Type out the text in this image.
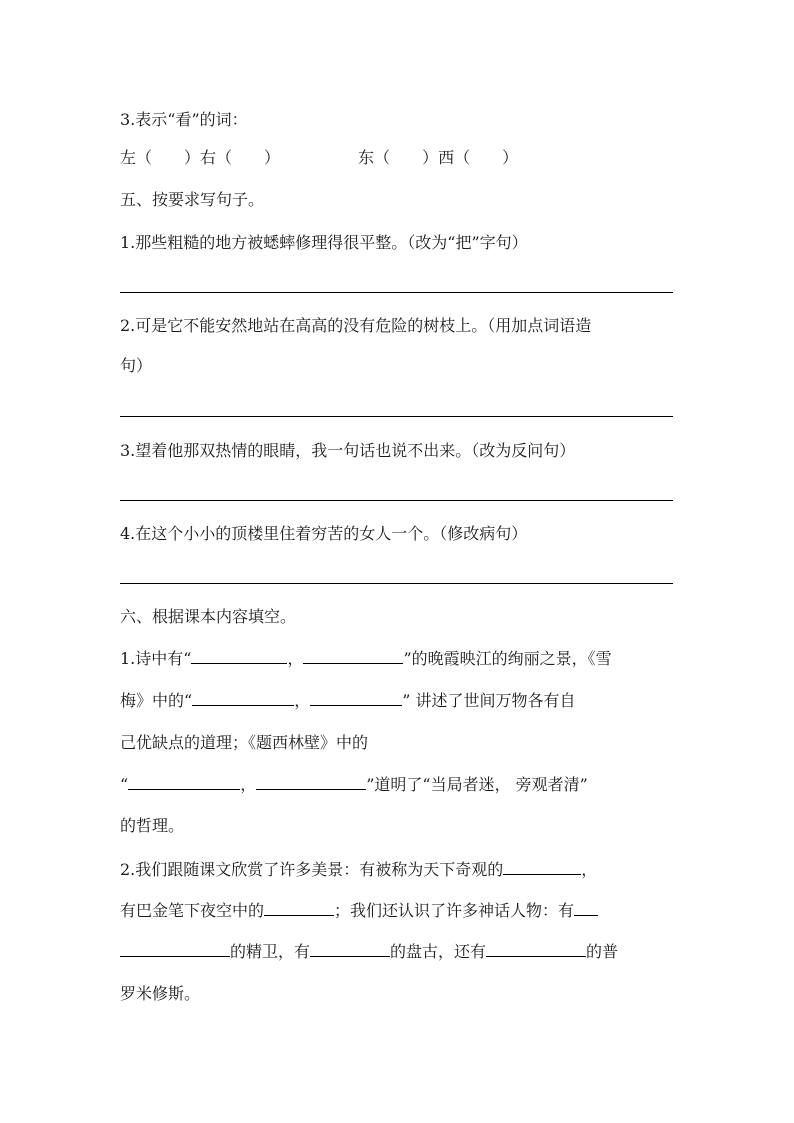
3.表示“看”的词：
左（ ）右（ ）	东（ ）西（ ）
五、按要求写句子。
1.那些粗糙的地方被蟋蟀修理得很平整。（改为“把”字句）
2.可是它不能安然地站在高高的没有危险的树枝上。（用加点词语造
句）
3.望着他那双热情的眼睛，我一句话也说不出来。（改为反问句）
4.在这个小小的顶楼里住着穷苦的女人一个。（修改病句）
六、根据课本内容填空。
1.诗中有“	，	”的晚霞映江的绚丽之景，《雪
梅》中的“	，	” 讲述了世间万物各有自
己优缺点的道理；《题西林壁》中的
“	，	”道明了“当局者迷， 旁观者清”
的哲理。
2.我们跟随课文欣赏了许多美景：有被称为天下奇观的	，
有巴金笔下夜空中的	；我们还认识了许多神话人物：有
的精卫，有	的盘古，还有	的普
罗米修斯。
